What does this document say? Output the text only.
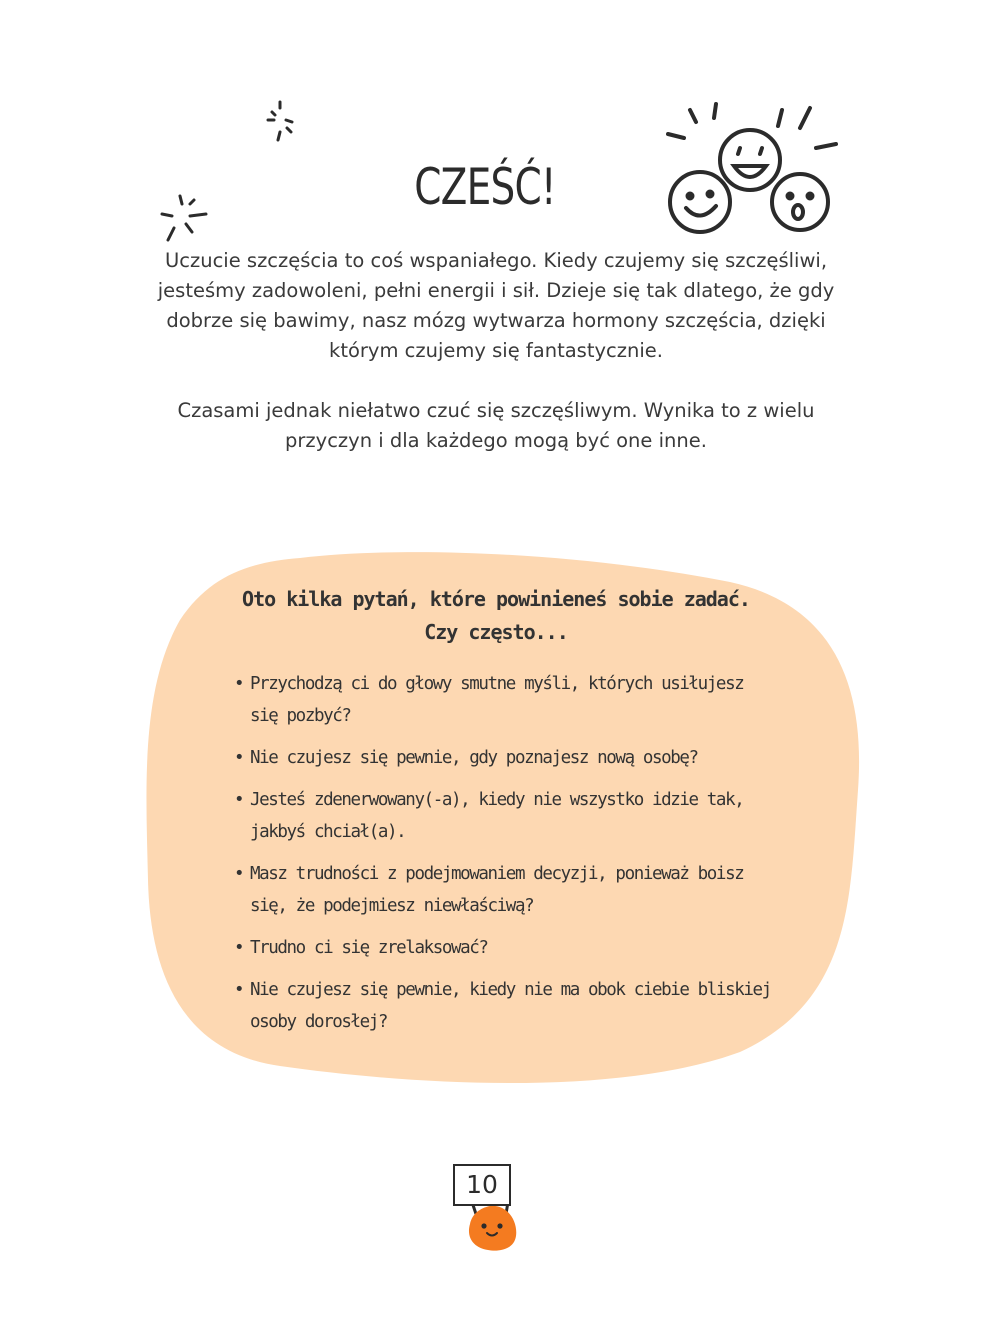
CZEŚĆ!

Uczucie szczęścia to coś wspaniałego. Kiedy czujemy się szczęśliwi, jesteśmy zadowoleni, pełni energii i sił. Dzieje się tak dlatego, że gdy dobrze się bawimy, nasz mózg wytwarza hormony szczęścia, dzięki którym czujemy się fantastycznie.

Czasami jednak niełatwo czuć się szczęśliwym. Wynika to z wielu przyczyn i dla każdego mogą być one inne.

Oto kilka pytań, które powinieneś sobie zadać.
Czy często...
• Przychodzą ci do głowy smutne myśli, których usiłujesz się pozbyć?
• Nie czujesz się pewnie, gdy poznajesz nową osobę?
• Jesteś zdenerwowany(-a), kiedy nie wszystko idzie tak, jakbyś chciał(a).
• Masz trudności z podejmowaniem decyzji, ponieważ boisz się, że podejmiesz niewłaściwą?
• Trudno ci się zrelaksować?
• Nie czujesz się pewnie, kiedy nie ma obok ciebie bliskiej osoby dorosłej?
10
